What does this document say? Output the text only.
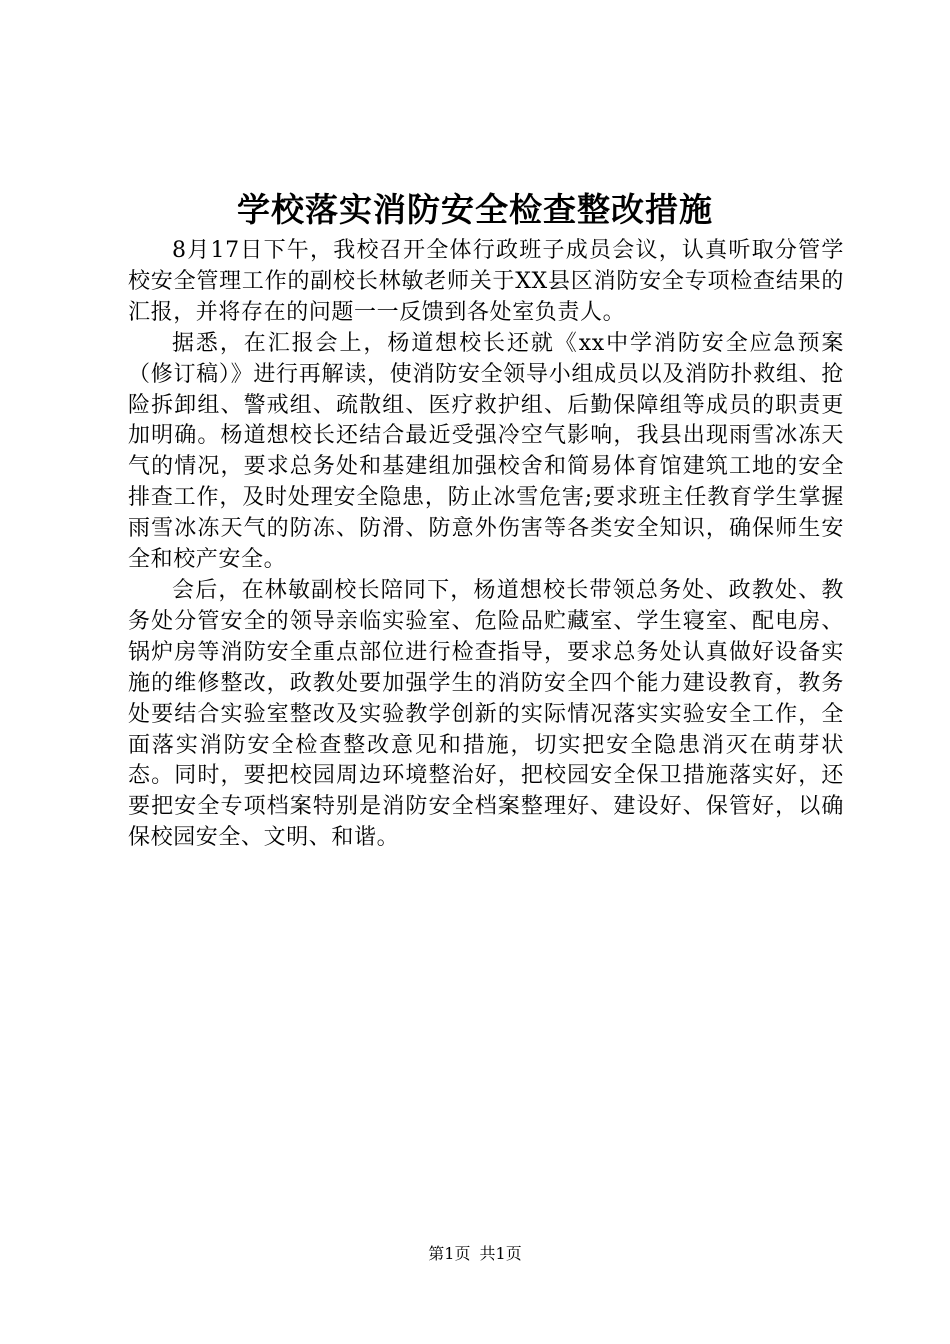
学校落实消防安全检查整改措施

8月17日下午，我校召开全体行政班子成员会议，认真听取分管学校安全管理工作的副校长林敏老师关于XX县区消防安全专项检查结果的汇报，并将存在的问题一一反馈到各处室负责人。

据悉，在汇报会上，杨道想校长还就《xx中学消防安全应急预案（修订稿）》进行再解读，使消防安全领导小组成员以及消防扑救组、抢险拆卸组、警戒组、疏散组、医疗救护组、后勤保障组等成员的职责更加明确。杨道想校长还结合最近受强冷空气影响，我县出现雨雪冰冻天气的情况，要求总务处和基建组加强校舍和简易体育馆建筑工地的安全排查工作，及时处理安全隐患，防止冰雪危害;要求班主任教育学生掌握雨雪冰冻天气的防冻、防滑、防意外伤害等各类安全知识，确保师生安全和校产安全。

会后，在林敏副校长陪同下，杨道想校长带领总务处、政教处、教务处分管安全的领导亲临实验室、危险品贮藏室、学生寝室、配电房、锅炉房等消防安全重点部位进行检查指导，要求总务处认真做好设备实施的维修整改，政教处要加强学生的消防安全四个能力建设教育，教务处要结合实验室整改及实验教学创新的实际情况落实实验安全工作，全面落实消防安全检查整改意见和措施，切实把安全隐患消灭在萌芽状态。同时，要把校园周边环境整治好，把校园安全保卫措施落实好，还要把安全专项档案特别是消防安全档案整理好、建设好、保管好，以确保校园安全、文明、和谐。

第1页 共1页
